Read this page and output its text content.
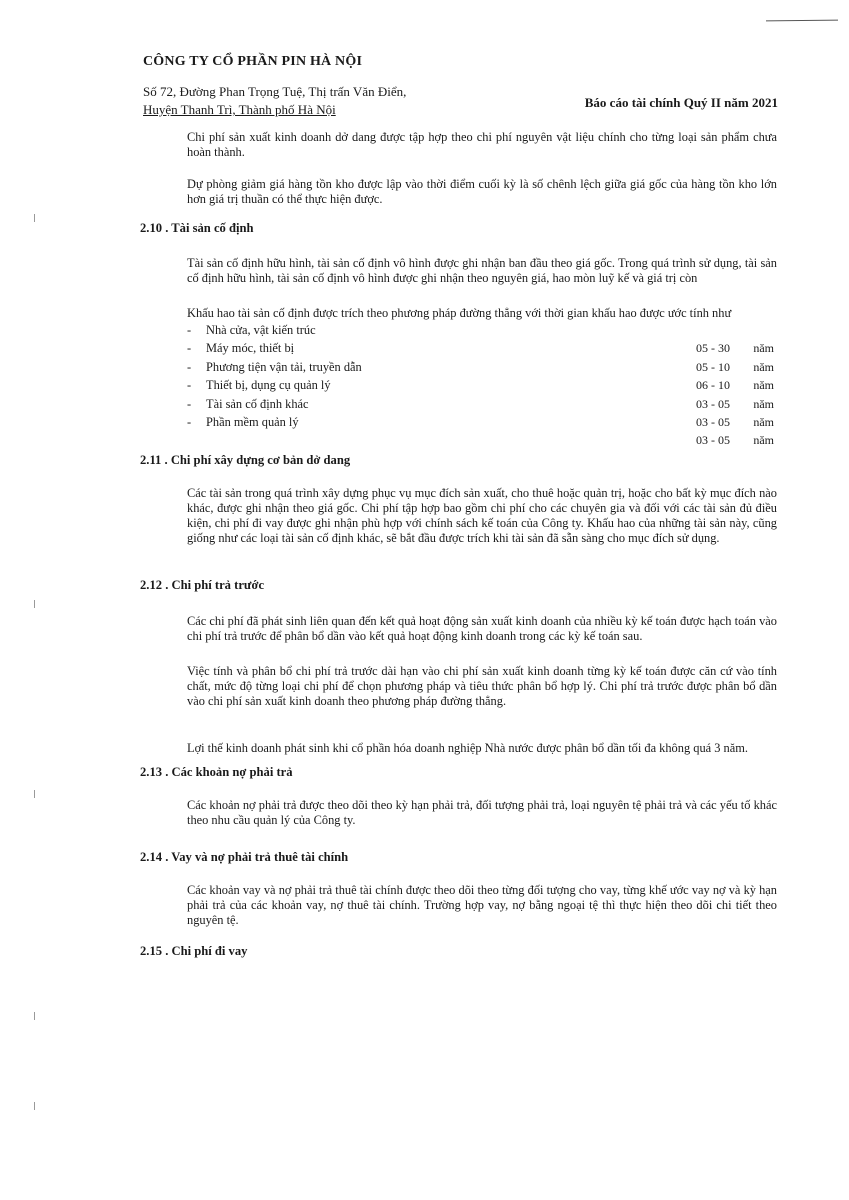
CÔNG TY CỔ PHẦN PIN HÀ NỘI
Số 72, Đường Phan Trọng Tuệ, Thị trấn Văn Điển,
Huyện Thanh Trì, Thành phố Hà Nội	Báo cáo tài chính Quý II năm 2021
Chi phí sản xuất kinh doanh dở dang được tập hợp theo chi phí nguyên vật liệu chính cho từng loại sản phẩm chưa hoàn thành.
Dự phòng giảm giá hàng tồn kho được lập vào thời điểm cuối kỳ là số chênh lệch giữa giá gốc của hàng tồn kho lớn hơn giá trị thuần có thể thực hiện được.
2.10 . Tài sản cố định
Tài sản cố định hữu hình, tài sản cố định vô hình được ghi nhận ban đầu theo giá gốc. Trong quá trình sử dụng, tài sản cố định hữu hình, tài sản cố định vô hình được ghi nhận theo nguyên giá, hao mòn luỹ kế và giá trị còn
Khấu hao tài sản cố định được trích theo phương pháp đường thẳng với thời gian khấu hao được ước tính như
- Nhà cửa, vật kiến trúc
- Máy móc, thiết bị
- Phương tiện vận tải, truyền dẫn
- Thiết bị, dụng cụ quản lý
- Tài sản cố định khác
- Phần mềm quản lý
05 - 30 năm
05 - 10 năm
06 - 10 năm
03 - 05 năm
03 - 05 năm
03 - 05 năm
2.11 . Chi phí xây dựng cơ bản dở dang
Các tài sản trong quá trình xây dựng phục vụ mục đích sản xuất, cho thuê hoặc quản trị, hoặc cho bất kỳ mục đích nào khác, được ghi nhận theo giá gốc. Chi phí tập hợp bao gồm chi phí cho các chuyên gia và đối với các tài sản đủ điều kiện, chi phí đi vay được ghi nhận phù hợp với chính sách kế toán của Công ty. Khấu hao của những tài sản này, cũng giống như các loại tài sản cố định khác, sẽ bắt đầu được trích khi tài sản đã sẵn sàng cho mục đích sử dụng.
2.12 . Chi phí trả trước
Các chi phí đã phát sinh liên quan đến kết quả hoạt động sản xuất kinh doanh của nhiều kỳ kế toán được hạch toán vào chi phí trả trước để phân bổ dần vào kết quả hoạt động kinh doanh trong các kỳ kế toán sau.
Việc tính và phân bổ chi phí trả trước dài hạn vào chi phí sản xuất kinh doanh từng kỳ kế toán được căn cứ vào tính chất, mức độ từng loại chi phí để chọn phương pháp và tiêu thức phân bổ hợp lý. Chi phí trả trước được phân bổ dần vào chi phí sản xuất kinh doanh theo phương pháp đường thẳng.
Lợi thế kinh doanh phát sinh khi cổ phần hóa doanh nghiệp Nhà nước được phân bổ dần tối đa không quá 3 năm.
2.13 . Các khoản nợ phải trả
Các khoản nợ phải trả được theo dõi theo kỳ hạn phải trả, đối tượng phải trả, loại nguyên tệ phải trả và các yếu tố khác theo nhu cầu quản lý của Công ty.
2.14 . Vay và nợ phải trả thuê tài chính
Các khoản vay và nợ phải trả thuê tài chính được theo dõi theo từng đối tượng cho vay, từng khế ước vay nợ và kỳ hạn phải trả của các khoản vay, nợ thuê tài chính. Trường hợp vay, nợ bằng ngoại tệ thì thực hiện theo dõi chi tiết theo nguyên tệ.
2.15 . Chi phí đi vay
